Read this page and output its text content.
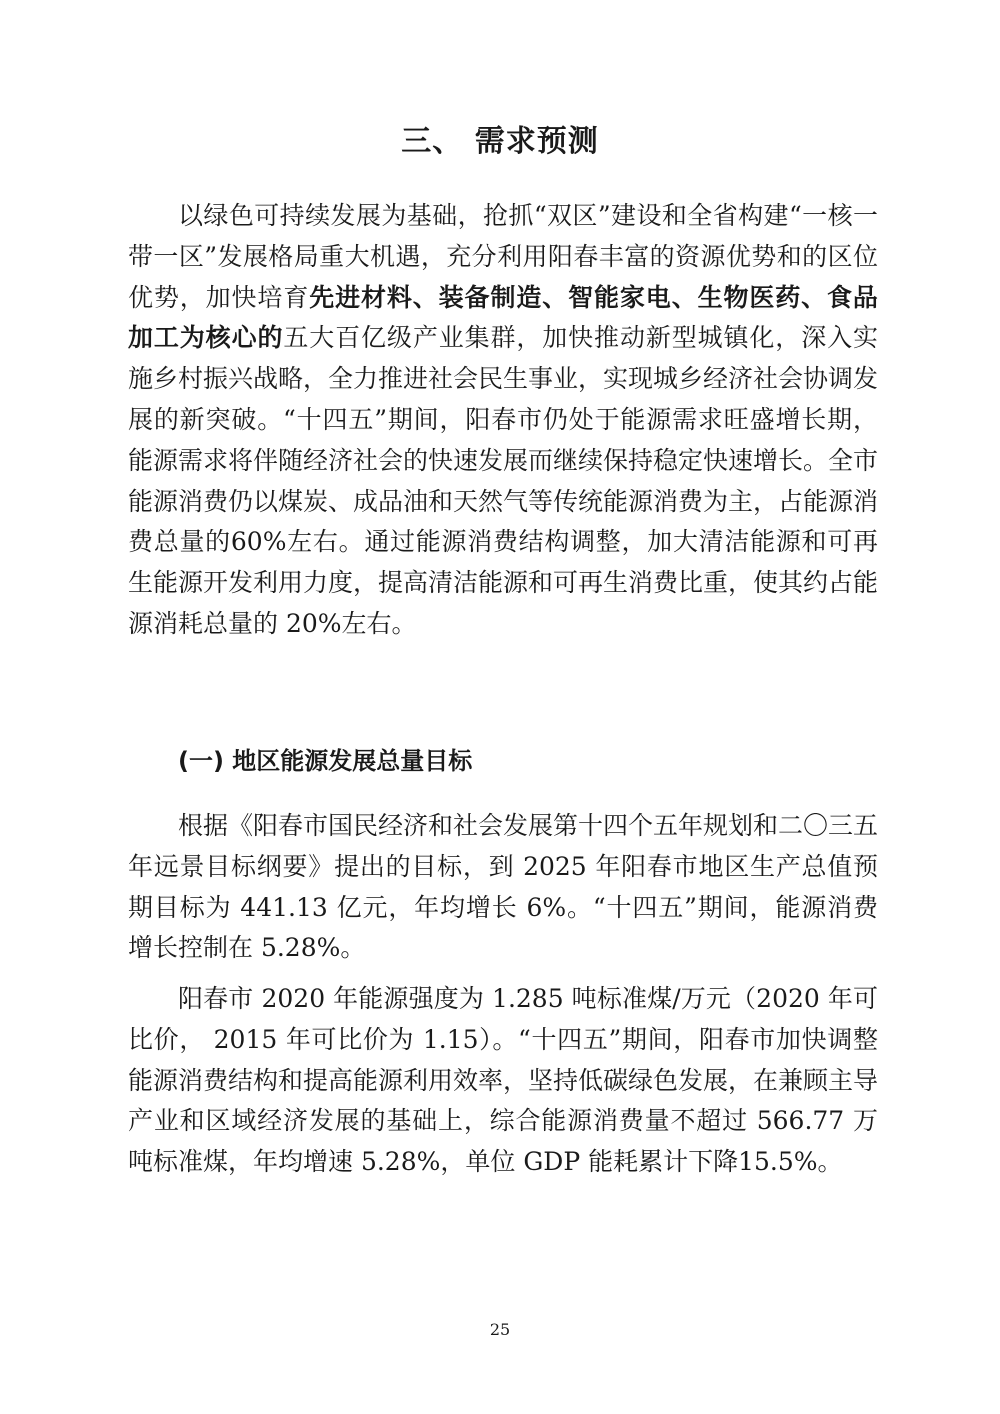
三、 需求预测

以绿色可持续发展为基础，抢抓“双区”建设和全省构建“一核一带一区”发展格局重大机遇，充分利用阳春丰富的资源优势和的区位优势，加快培育先进材料、装备制造、智能家电、生物医药、食品加工为核心的五大百亿级产业集群，加快推动新型城镇化，深入实施乡村振兴战略，全力推进社会民生事业，实现城乡经济社会协调发展的新突破。“十四五”期间，阳春市仍处于能源需求旺盛增长期，能源需求将伴随经济社会的快速发展而继续保持稳定快速增长。全市能源消费仍以煤炭、成品油和天然气等传统能源消费为主，占能源消费总量的60%左右。通过能源消费结构调整，加大清洁能源和可再生能源开发利用力度，提高清洁能源和可再生消费比重，使其约占能源消耗总量的 20%左右。

(一) 地区能源发展总量目标

根据《阳春市国民经济和社会发展第十四个五年规划和二〇三五年远景目标纲要》提出的目标，到 2025 年阳春市地区生产总值预期目标为 441.13 亿元，年均增长 6%。“十四五”期间，能源消费增长控制在 5.28%。

阳春市 2020 年能源强度为 1.285 吨标准煤/万元（2020 年可比价， 2015 年可比价为 1.15）。“十四五”期间，阳春市加快调整能源消费结构和提高能源利用效率，坚持低碳绿色发展，在兼顾主导产业和区域经济发展的基础上，综合能源消费量不超过 566.77 万吨标准煤，年均增速 5.28%，单位 GDP 能耗累计下降15.5%。

25
